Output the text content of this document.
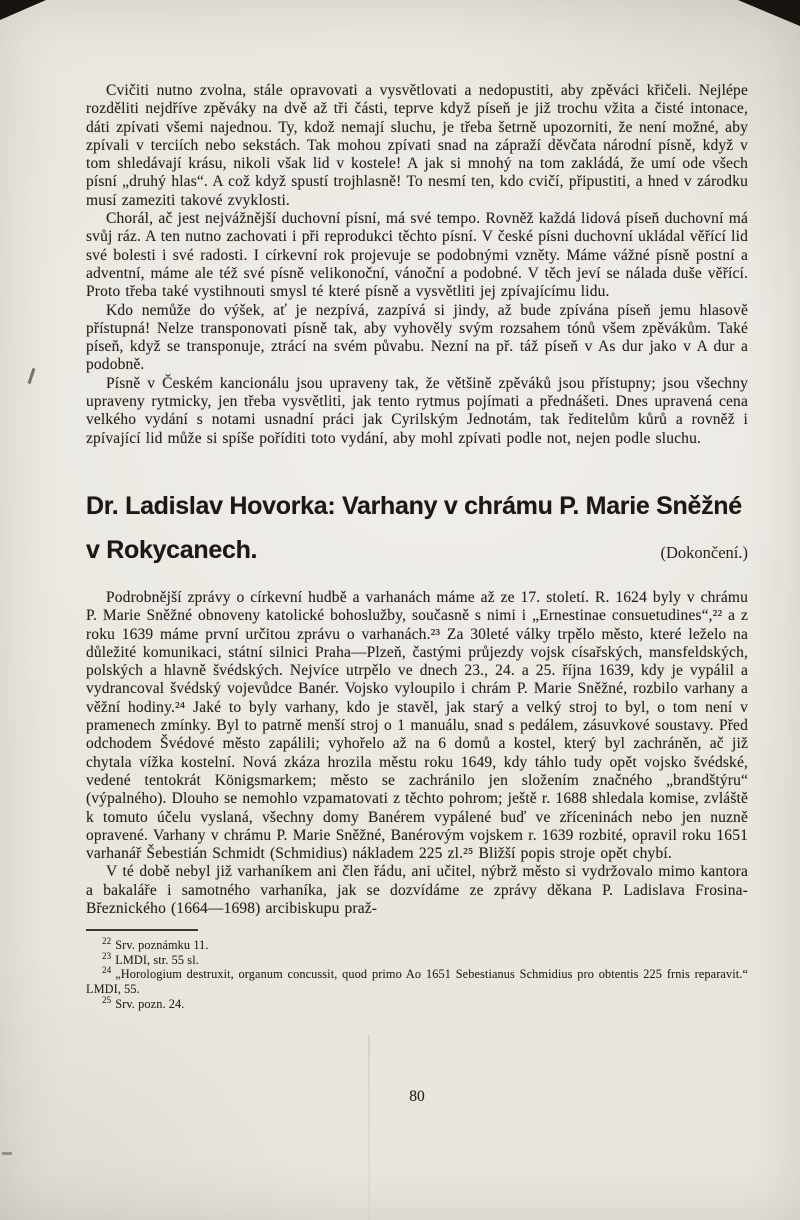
Cvičiti nutno zvolna, stále opravovati a vysvětlovati a nedopustiti, aby zpěváci křičeli. Nejlépe rozděliti nejdříve zpěváky na dvě až tři části, teprve když píseň je již trochu vžita a čisté intonace, dáti zpívati všemi najednou. Ty, kdož nemají sluchu, je třeba šetrně upozorniti, že není možné, aby zpívali v terciích nebo sekstách. Tak mohou zpívati snad na zápraží děvčata národní písně, když v tom shledávají krásu, nikoli však lid v kostele! A jak si mnohý na tom zakládá, že umí ode všech písní „druhý hlas“. A což když spustí trojhlasně! To nesmí ten, kdo cvičí, připustiti, a hned v zárodku musí zameziti takové zvyklosti.

Chorál, ač jest nejvážnější duchovní písní, má své tempo. Rovněž každá lidová píseň duchovní má svůj ráz. A ten nutno zachovati i při reprodukci těchto písní. V české písni duchovní ukládal věřící lid své bolesti i své radosti. I církevní rok projevuje se podobnými vzněty. Máme vážné písně postní a adventní, máme ale též své písně velikonoční, vánoční a podobné. V těch jeví se nálada duše věřící. Proto třeba také vystihnouti smysl té které písně a vysvětliti jej zpívajícímu lidu.

Kdo nemůže do výšek, ať je nezpívá, zazpívá si jindy, až bude zpívána píseň jemu hlasově přístupná! Nelze transponovati písně tak, aby vyhověly svým rozsahem tónů všem zpěvákům. Také píseň, když se transponuje, ztrácí na svém půvabu. Nezní na př. táž píseň v As dur jako v A dur a podobně.

Písně v Českém kancionálu jsou upraveny tak, že většině zpěváků jsou přístupny; jsou všechny upraveny rytmicky, jen třeba vysvětliti, jak tento rytmus pojímati a přednášeti. Dnes upravená cena velkého vydání s notami usnadní práci jak Cyrilským Jednotám, tak ředitelům kůrů a rovněž i zpívající lid může si spíše poříditi toto vydání, aby mohl zpívati podle not, nejen podle sluchu.

Dr. Ladislav Hovorka: Varhany v chrámu P. Marie Sněžné
v Rokycanech.	(Dokončení.)

Podrobnější zprávy o církevní hudbě a varhanách máme až ze 17. století. R. 1624 byly v chrámu P. Marie Sněžné obnoveny katolické bohoslužby, současně s nimi i „Ernestinae consuetudines“,²² a z roku 1639 máme první určitou zprávu o varhanách.²³ Za 30leté války trpělo město, které leželo na důležité komunikaci, státní silnici Praha—Plzeň, častými průjezdy vojsk císařských, mansfeldských, polských a hlavně švédských. Nejvíce utrpělo ve dnech 23., 24. a 25. října 1639, kdy je vypálil a vydrancoval švédský vojevůdce Banér. Vojsko vyloupilo i chrám P. Marie Sněžné, rozbilo varhany a věžní hodiny.²⁴ Jaké to byly varhany, kdo je stavěl, jak starý a velký stroj to byl, o tom není v pramenech zmínky. Byl to patrně menší stroj o 1 manuálu, snad s pedálem, zásuvkové soustavy. Před odchodem Švédové město zapálili; vyhořelo až na 6 domů a kostel, který byl zachráněn, ač již chytala vížka kostelní. Nová zkáza hrozila městu roku 1649, kdy táhlo tudy opět vojsko švédské, vedené tentokrát Königsmarkem; město se zachránilo jen složením značného „brandštýru“ (výpalného). Dlouho se nemohlo vzpamatovati z těchto pohrom; ještě r. 1688 shledala komise, zvláště k tomuto účelu vyslaná, všechny domy Banérem vypálené buď ve zříceninách nebo jen nuzně opravené. Varhany v chrámu P. Marie Sněžné, Banérovým vojskem r. 1639 rozbité, opravil roku 1651 varhanář Šebestián Schmidt (Schmidius) nákladem 225 zl.²⁵ Bližší popis stroje opět chybí.

V té době nebyl již varhaníkem ani člen řádu, ani učitel, nýbrž město si vydržovalo mimo kantora a bakaláře i samotného varhaníka, jak se dozvídáme ze zprávy děkana P. Ladislava Frosina-Březnického (1664—1698) arcibiskupu praž-

$^{22}$ Srv. poznámku 11.

$^{23}$ LMDI, str. 55 sl.

$^{24}$ „Horologium destruxit, organum concussit, quod primo Ao 1651 Sebestianus Schmidius pro obtentis 225 frnis reparavit.“ LMDI, 55.

$^{25}$ Srv. pozn. 24.

80
